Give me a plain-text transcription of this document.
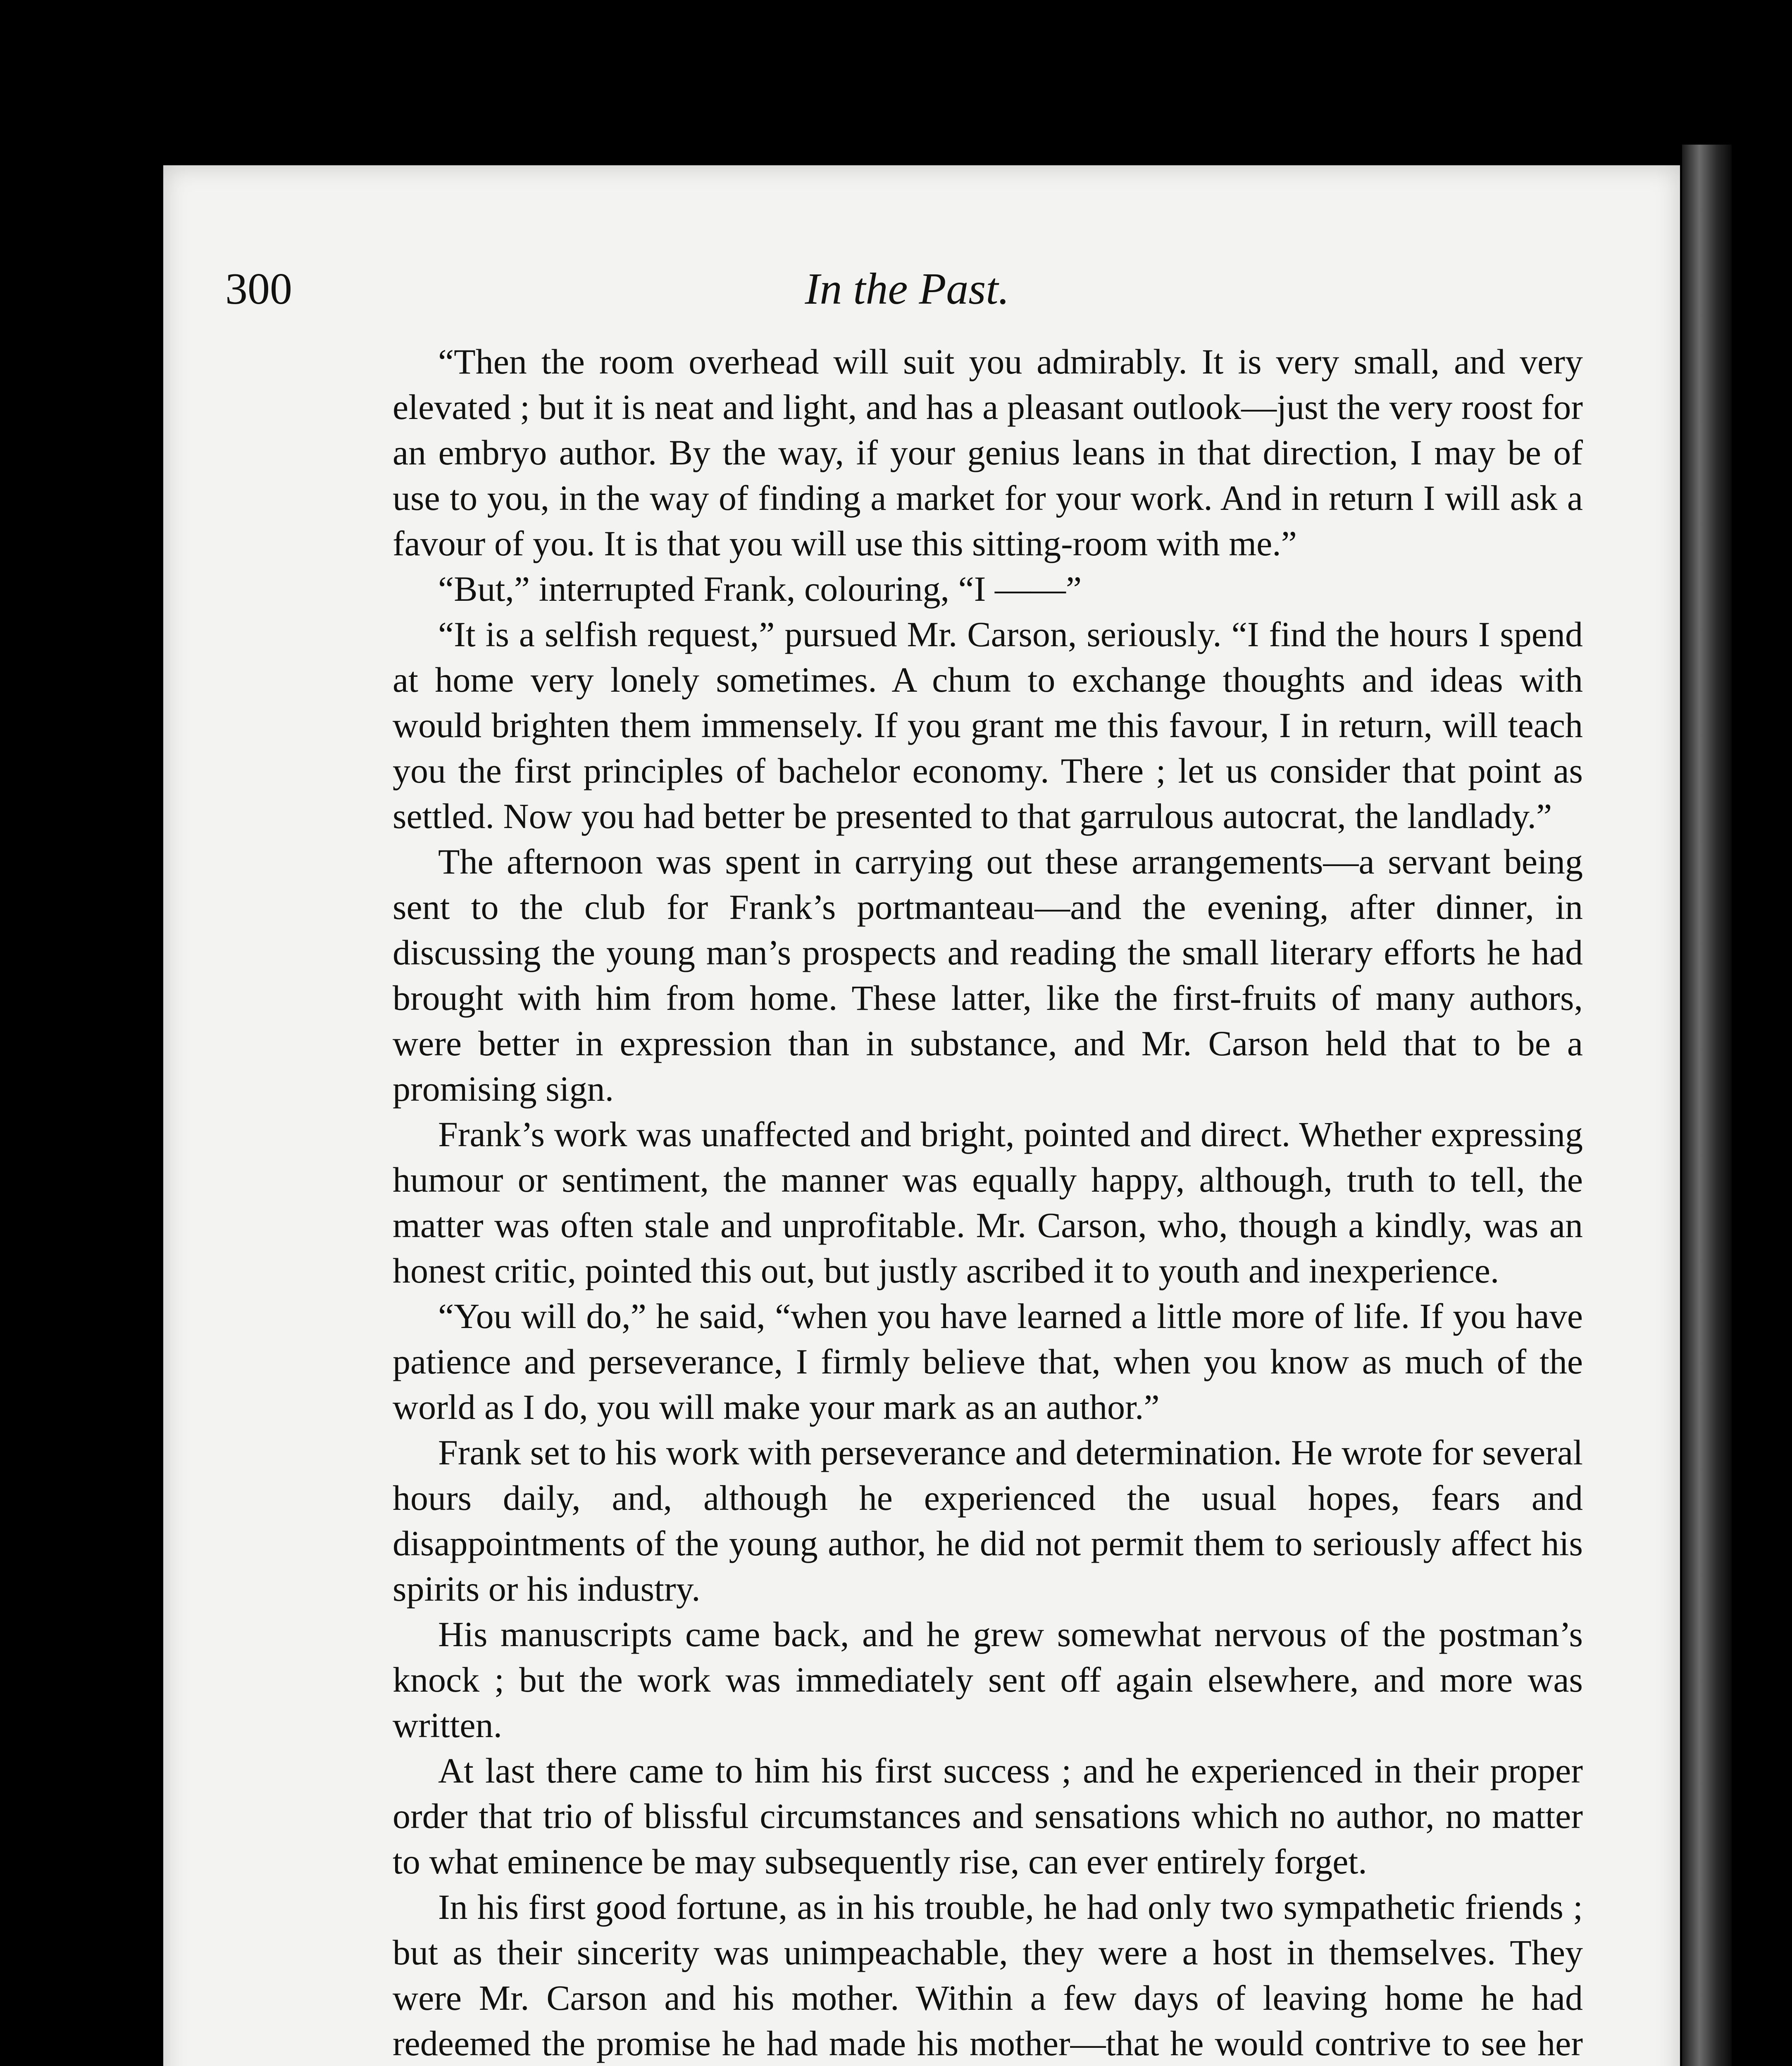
300	In the Past.

“Then the room overhead will suit you admirably. It is very small, and very elevated ; but it is neat and light, and has a pleasant outlook—just the very roost for an embryo author. By the way, if your genius leans in that direction, I may be of use to you, in the way of finding a market for your work. And in return I will ask a favour of you. It is that you will use this sitting-room with me.”

“But,” interrupted Frank, colouring, “I ——”

“It is a selfish request,” pursued Mr. Carson, seriously. “I find the hours I spend at home very lonely sometimes. A chum to exchange thoughts and ideas with would brighten them immensely. If you grant me this favour, I in return, will teach you the first principles of bachelor economy. There ; let us consider that point as settled. Now you had better be presented to that garrulous autocrat, the landlady.”

The afternoon was spent in carrying out these arrangements—a servant being sent to the club for Frank’s portmanteau—and the evening, after dinner, in discussing the young man’s prospects and reading the small literary efforts he had brought with him from home. These latter, like the first-fruits of many authors, were better in expression than in substance, and Mr. Carson held that to be a promising sign.

Frank’s work was unaffected and bright, pointed and direct. Whether expressing humour or sentiment, the manner was equally happy, although, truth to tell, the matter was often stale and unprofitable. Mr. Carson, who, though a kindly, was an honest critic, pointed this out, but justly ascribed it to youth and inexperience.

“You will do,” he said, “when you have learned a little more of life. If you have patience and perseverance, I firmly believe that, when you know as much of the world as I do, you will make your mark as an author.”

Frank set to his work with perseverance and determination. He wrote for several hours daily, and, although he experienced the usual hopes, fears and disappointments of the young author, he did not permit them to seriously affect his spirits or his industry.

His manuscripts came back, and he grew somewhat nervous of the postman’s knock ; but the work was immediately sent off again elsewhere, and more was written.

At last there came to him his first success ; and he experienced in their proper order that trio of blissful circumstances and sensations which no author, no matter to what eminence be may subsequently rise, can ever entirely forget.

In his first good fortune, as in his trouble, he had only two sympathetic friends ; but as their sincerity was unimpeachable, they were a host in themselves. They were Mr. Carson and his mother. Within a few days of leaving home he had redeemed the promise he had made his mother—that he would contrive to see her
